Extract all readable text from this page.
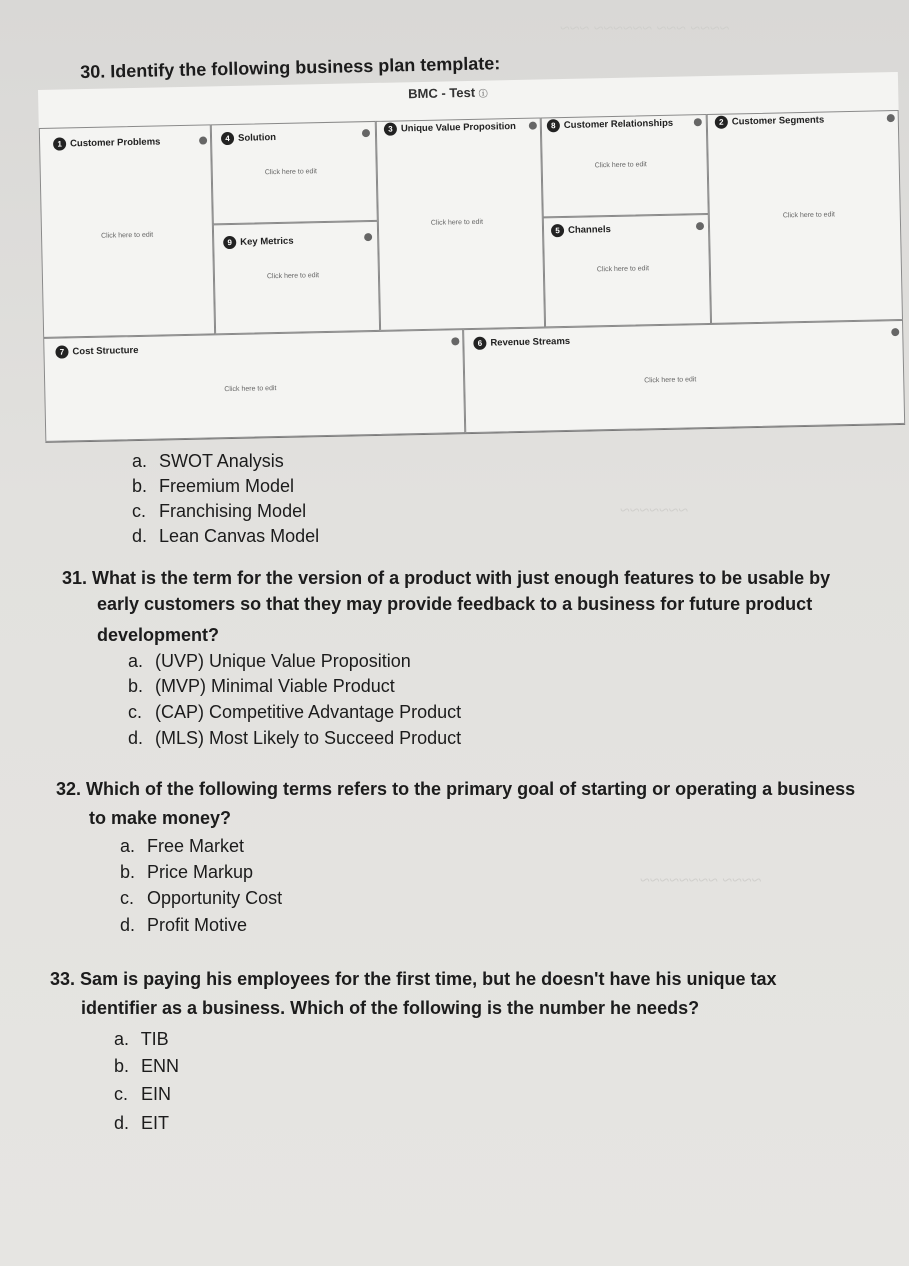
~~~~ ~~~ ~~~~~~ ~~~
~~~~~~~
~~~~ ~~~~~~~~
30. Identify the following business plan template:
BMC - Test ⓘ
1 Customer Problems	4 Solution
3 Unique Value Proposition	8 Customer Relationships	2 Customer Segments
9 Key Metrics
5 Channels
7 Cost Structure
6 Revenue Streams
Click here to edit
Click here to edit
Click here to edit
Click here to edit
Click here to edit
Click here to edit
Click here to edit
Click here to edit
Click here to edit
a. SWOT Analysis
b. Freemium Model
c. Franchising Model
d. Lean Canvas Model
31. What is the term for the version of a product with just enough features to be usable by
early customers so that they may provide feedback to a business for future product
development?
a. (UVP) Unique Value Proposition
b. (MVP) Minimal Viable Product
c. (CAP) Competitive Advantage Product
d. (MLS) Most Likely to Succeed Product
32. Which of the following terms refers to the primary goal of starting or operating a business
to make money?
a. Free Market
b. Price Markup
c. Opportunity Cost
d. Profit Motive
33. Sam is paying his employees for the first time, but he doesn't have his unique tax
identifier as a business. Which of the following is the number he needs?
a. TIB
b. ENN
c. EIN
d. EIT
